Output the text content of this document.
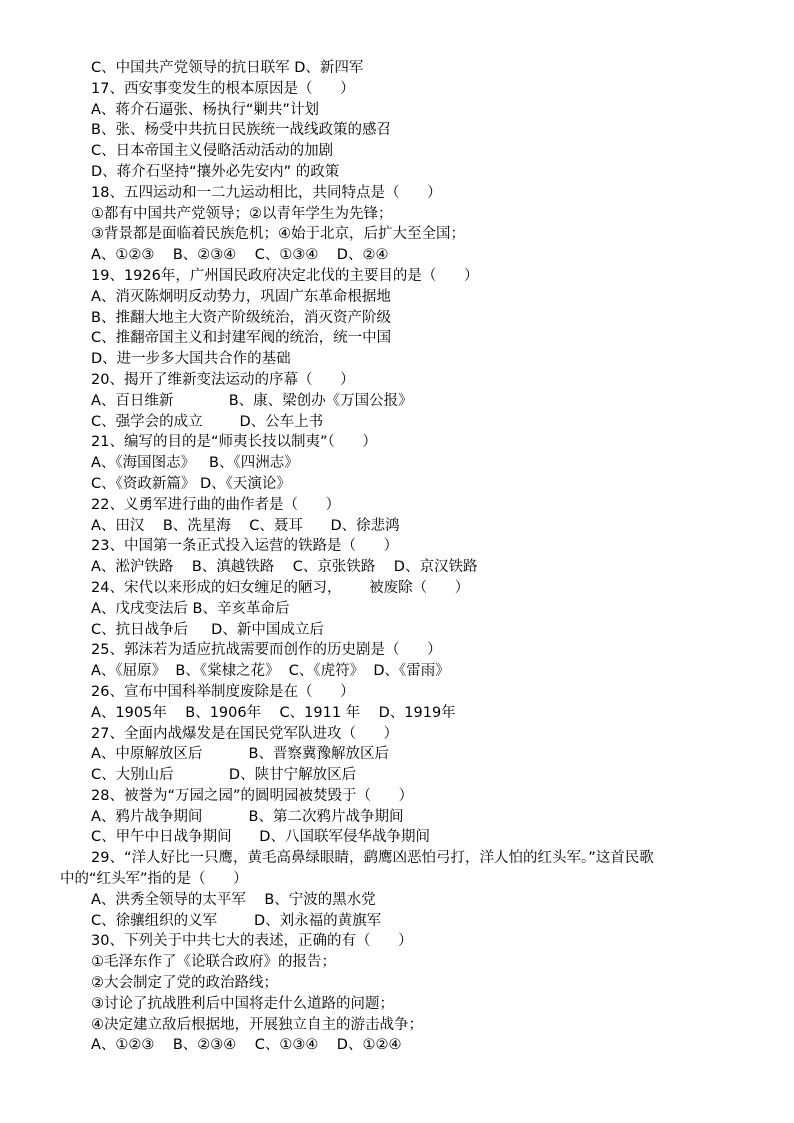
C、中国共产党领导的抗日联军 D、新四军
17、西安事变发生的根本原因是（      ）
A、蒋介石逼张、杨执行“剿共”计划
B、张、杨受中共抗日民族统一战线政策的感召
C、日本帝国主义侵略活动活动的加剧
D、蒋介石坚持“攘外必先安内” 的政策
18、五四运动和一二九运动相比，共同特点是（      ）
①都有中国共产党领导；②以青年学生为先锋；
③背景都是面临着民族危机；④始于北京，后扩大至全国；
A、①②③    B、②③④    C、①③④    D、②④
19、1926年，广州国民政府决定北伐的主要目的是（      ）
A、消灭陈炯明反动势力，巩固广东革命根据地
B、推翻大地主大资产阶级统治，消灭资产阶级
C、推翻帝国主义和封建军阀的统治，统一中国
D、进一步多大国共合作的基础
20、揭开了维新变法运动的序幕（      ）
A、百日维新            B、康、梁创办《万国公报》
C、强学会的成立        D、公车上书
21、编写的目的是“师夷长技以制夷”（      ）
A、《海国图志》   B、《四洲志》
C、《资政新篇》 D、《天演论》
22、义勇军进行曲的曲作者是（      ）
A、田汉    B、冼星海    C、聂耳      D、徐悲鸿
23、中国第一条正式投入运营的铁路是（      ）
A、淞沪铁路    B、滇越铁路    C、京张铁路    D、京汉铁路
24、宋代以来形成的妇女缠足的陋习，      被废除（      ）
A、戊戌变法后 B、辛亥革命后
C、抗日战争后     D、新中国成立后
25、郭沫若为适应抗战需要而创作的历史剧是（      ）
A、《屈原》  B、《棠棣之花》  C、《虎符》  D、《雷雨》
26、宣布中国科举制度废除是在（      ）
A、1905年    B、1906年    C、1911 年    D、1919年
27、全面内战爆发是在国民党军队进攻（      ）
A、中原解放区后          B、晋察冀豫解放区后
C、大别山后            D、陕甘宁解放区后
28、被誉为“万园之园”的圆明园被焚毁于（      ）
A、鸦片战争期间          B、第二次鸦片战争期间
C、甲午中日战争期间      D、八国联军侵华战争期间
29、“洋人好比一只鹰，黄毛高鼻绿眼睛，鹞鹰凶恶怕弓打，洋人怕的红头军。”这首民歌
中的“红头军”指的是（      ）
A、洪秀全领导的太平军    B、宁波的黑水党
C、徐骧组织的义军        D、刘永福的黄旗军
30、下列关于中共七大的表述，正确的有（      ）
①毛泽东作了《论联合政府》的报告；
②大会制定了党的政治路线；
③讨论了抗战胜利后中国将走什么道路的问题；
④决定建立敌后根据地，开展独立自主的游击战争；
A、①②③    B、②③④    C、①③④    D、①②④
